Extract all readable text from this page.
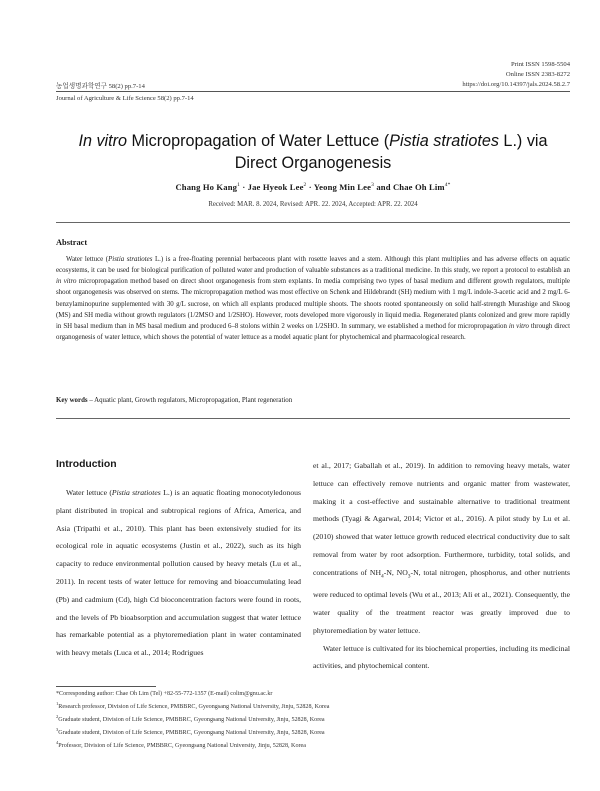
Print ISSN 1598-5504
Online ISSN 2383-8272
https://doi.org/10.14397/jals.2024.58.2.7
농업생명과학연구 58(2) pp.7-14
Journal of Agriculture & Life Science 58(2) pp.7-14
In vitro Micropropagation of Water Lettuce (Pistia stratiotes L.) via
Direct Organogenesis
Chang Ho Kang$^1$ · Jae Hyeok Lee$^2$ · Yeong Min Lee$^3$ and Chae Oh Lim$^{4*}$
Received: MAR. 8. 2024, Revised: APR. 22. 2024, Accepted: APR. 22. 2024
Abstract
Water lettuce (Pistia stratiotes L.) is a free-floating perennial herbaceous plant with rosette leaves and a stem. Although this plant multiplies and has adverse effects on aquatic ecosystems, it can be used for biological purification of polluted water and production of valuable substances as a traditional medicine. In this study, we report a protocol to establish an in vitro micropropagation method based on direct shoot organogenesis from stem explants. In media comprising two types of basal medium and different growth regulators, multiple shoot organogenesis was observed on stems. The micropropagation method was most effective on Schenk and Hildebrandt (SH) medium with 1 mg/L indole-3-acetic acid and 2 mg/L 6-benzylaminopurine supplemented with 30 g/L sucrose, on which all explants produced multiple shoots. The shoots rooted spontaneously on solid half-strength Murashige and Skoog (MS) and SH media without growth regulators (1/2MSO and 1/2SHO). However, roots developed more vigorously in liquid media. Regenerated plants colonized and grew more rapidly in SH basal medium than in MS basal medium and produced 6–8 stolons within 2 weeks on 1/2SHO. In summary, we established a method for micropropagation in vitro through direct organogenesis of water lettuce, which shows the potential of water lettuce as a model aquatic plant for phytochemical and pharmacological research.
Key words – Aquatic plant, Growth regulators, Micropropagation, Plant regeneration
Introduction
Water lettuce (Pistia stratiotes L.) is an aquatic floating monocotyledonous plant distributed in tropical and subtropical regions of Africa, America, and Asia (Tripathi et al., 2010). This plant has been extensively studied for its ecological role in aquatic ecosystems (Justin et al., 2022), such as its high capacity to reduce environmental pollution caused by heavy metals (Lu et al., 2011). In recent tests of water lettuce for removing and bioaccumulating lead (Pb) and cadmium (Cd), high Cd bioconcentration factors were found in roots, and the levels of Pb bioabsorption and accumulation suggest that water lettuce has remarkable potential as a phytoremediation plant in water contaminated with heavy metals (Luca et al., 2014; Rodrigues
et al., 2017; Gaballah et al., 2019). In addition to removing heavy metals, water lettuce can effectively remove nutrients and organic matter from wastewater, making it a cost-effective and sustainable alternative to traditional treatment methods (Tyagi & Agarwal, 2014; Victor et al., 2016). A pilot study by Lu et al. (2010) showed that water lettuce growth reduced electrical conductivity due to salt removal from water by root adsorption. Furthermore, turbidity, total solids, and concentrations of $NH_4-N$, $NO_3-N$, total nitrogen, phosphorus, and other nutrients were reduced to optimal levels (Wu et al., 2013; Ali et al., 2021). Consequently, the water quality of the treatment reactor was greatly improved due to phytoremediation by water lettuce.
Water lettuce is cultivated for its biochemical properties, including its medicinal activities, and phytochemical content.
*Corresponding author: Chae Oh Lim (Tel) +82-55-772-1357 (E-mail) colim@gnu.ac.kr
$^1$Research professor, Division of Life Science, PMBBRC, Gyeongsang National University, Jinju, 52828, Korea
$^2$Graduate student, Division of Life Science, PMBBRC, Gyeongsang National University, Jinju, 52828, Korea
$^3$Graduate student, Division of Life Science, PMBBRC, Gyeongsang National University, Jinju, 52828, Korea
$^4$Professor, Division of Life Science, PMBBRC, Gyeongsang National University, Jinju, 52828, Korea
